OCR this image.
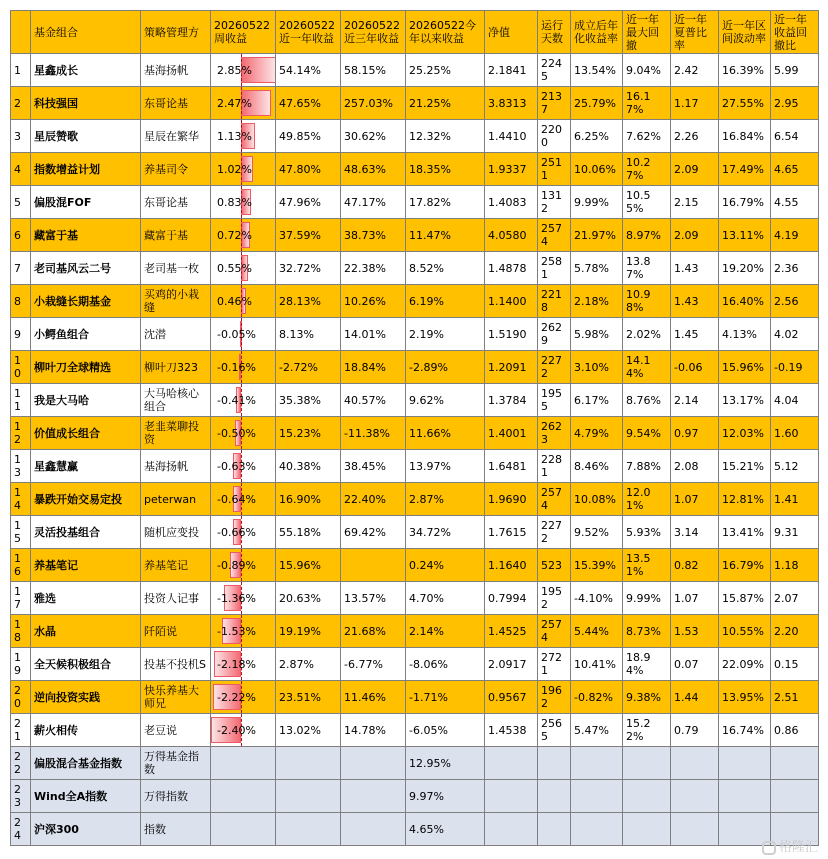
	基金组合	策略管理方	20260522周收益	20260522近一年收益	20260522近三年收益	20260522今年以来收益	净值	运行天数	成立后年化收益率	近一年最大回撤	近一年夏普比率	近一年区间波动率	近一年收益回撤比
1	星鑫成长	基海扬帆	2.85%	54.14%	58.15%	25.25%	2.1841	2245	13.54%	9.04%	2.42	16.39%	5.99
2	科技强国	东哥论基	2.47%	47.65%	257.03%	21.25%	3.8313	2137	25.79%	16.17%	1.17	27.55%	2.95
3	星辰赞歌	星辰在繁华	1.13%	49.85%	30.62%	12.32%	1.4410	2200	6.25%	7.62%	2.26	16.84%	6.54
4	指数增益计划	养基司令	1.02%	47.80%	48.63%	18.35%	1.9337	2511	10.06%	10.27%	2.09	17.49%	4.65
5	偏股混FOF	东哥论基	0.83%	47.96%	47.17%	17.82%	1.4083	1312	9.99%	10.55%	2.15	16.79%	4.55
6	藏富于基	藏富于基	0.72%	37.59%	38.73%	11.47%	4.0580	2574	21.97%	8.97%	2.09	13.11%	4.19
7	老司基风云二号	老司基一枚	0.55%	32.72%	22.38%	8.52%	1.4878	2581	5.78%	13.87%	1.43	19.20%	2.36
8	小栽缝长期基金	买鸡的小栽缝	0.46%	28.13%	10.26%	6.19%	1.1400	2218	2.18%	10.98%	1.43	16.40%	2.56
9	小鳄鱼组合	沈潜	-0.05%	8.13%	14.01%	2.19%	1.5190	2629	5.98%	2.02%	1.45	4.13%	4.02
10	柳叶刀全球精选	柳叶刀323	-0.16%	-2.72%	18.84%	-2.89%	1.2091	2272	3.10%	14.14%	-0.06	15.96%	-0.19
11	我是大马哈	大马哈核心组合	-0.41%	35.38%	40.57%	9.62%	1.3784	1955	6.17%	8.76%	2.14	13.17%	4.04
12	价值成长组合	老韭菜聊投资	-0.50%	15.23%	-11.38%	11.66%	1.4001	2623	4.79%	9.54%	0.97	12.03%	1.60
13	星鑫慧赢	基海扬帆	-0.63%	40.38%	38.45%	13.97%	1.6481	2281	8.46%	7.88%	2.08	15.21%	5.12
14	暴跌开始交易定投	peterwan	-0.64%	16.90%	22.40%	2.87%	1.9690	2574	10.08%	12.01%	1.07	12.81%	1.41
15	灵活投基组合	随机应变投	-0.66%	55.18%	69.42%	34.72%	1.7615	2272	9.52%	5.93%	3.14	13.41%	9.31
16	养基笔记	养基笔记	-0.89%	15.96%		0.24%	1.1640	523	15.39%	13.51%	0.82	16.79%	1.18
17	雅选	投资人记事	-1.36%	20.63%	13.57%	4.70%	0.7994	1952	-4.10%	9.99%	1.07	15.87%	2.07
18	水晶	阡陌说	-1.53%	19.19%	21.68%	2.14%	1.4525	2574	5.44%	8.73%	1.53	10.55%	2.20
19	全天候积极组合	投基不投机S	-2.18%	2.87%	-6.77%	-8.06%	2.0917	2721	10.41%	18.94%	0.07	22.09%	0.15
20	逆向投资实践	快乐养基大师兄	-2.22%	23.51%	11.46%	-1.71%	0.9567	1962	-0.82%	9.38%	1.44	13.95%	2.51
21	薪火相传	老豆说	-2.40%	13.02%	14.78%	-6.05%	1.4538	2565	5.47%	15.22%	0.79	16.74%	0.86
22	偏股混合基金指数	万得基金指数				12.95%							
23	Wind全A指数	万得指数				9.97%							
24	沪深300	指数				4.65%							
格隆汇
